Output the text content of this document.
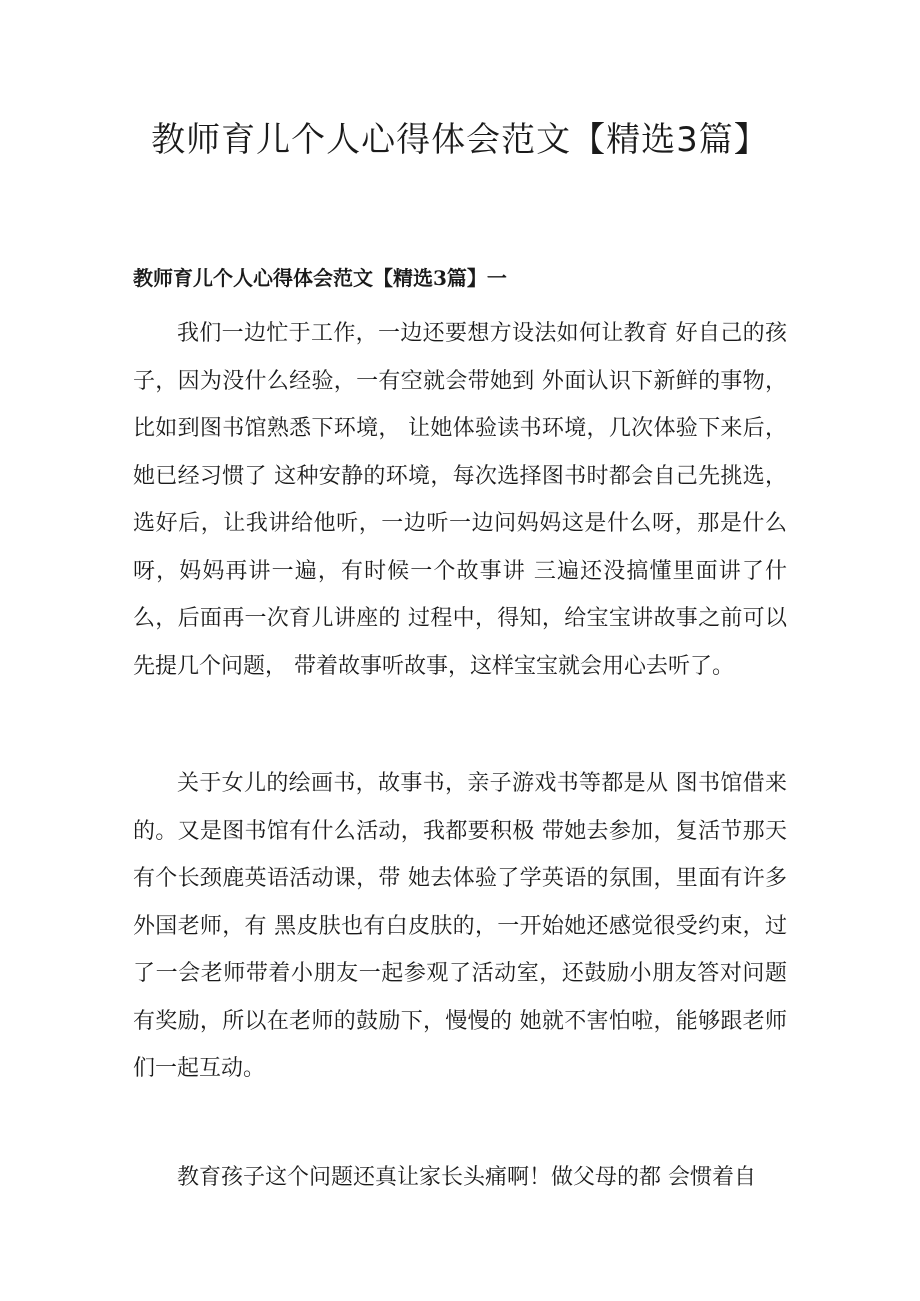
教师育儿个人心得体会范文【精选3篇】
教师育儿个人心得体会范文【精选3篇】一

我们一边忙于工作，一边还要想方设法如何让教育 好自己的孩子，因为没什么经验，一有空就会带她到 外面认识下新鲜的事物，比如到图书馆熟悉下环境， 让她体验读书环境，几次体验下来后，她已经习惯了 这种安静的环境，每次选择图书时都会自己先挑选， 选好后，让我讲给他听，一边听一边问妈妈这是什么呀，那是什么呀，妈妈再讲一遍，有时候一个故事讲 三遍还没搞懂里面讲了什么，后面再一次育儿讲座的 过程中，得知，给宝宝讲故事之前可以先提几个问题， 带着故事听故事，这样宝宝就会用心去听了。

关于女儿的绘画书，故事书，亲子游戏书等都是从 图书馆借来的。又是图书馆有什么活动，我都要积极 带她去参加，复活节那天有个长颈鹿英语活动课，带 她去体验了学英语的氛围，里面有许多外国老师，有 黑皮肤也有白皮肤的，一开始她还感觉很受约束，过 了一会老师带着小朋友一起参观了活动室，还鼓励小朋友答对问题有奖励，所以在老师的鼓励下，慢慢的 她就不害怕啦，能够跟老师们一起互动。

教育孩子这个问题还真让家长头痛啊！做父母的都 会惯着自
